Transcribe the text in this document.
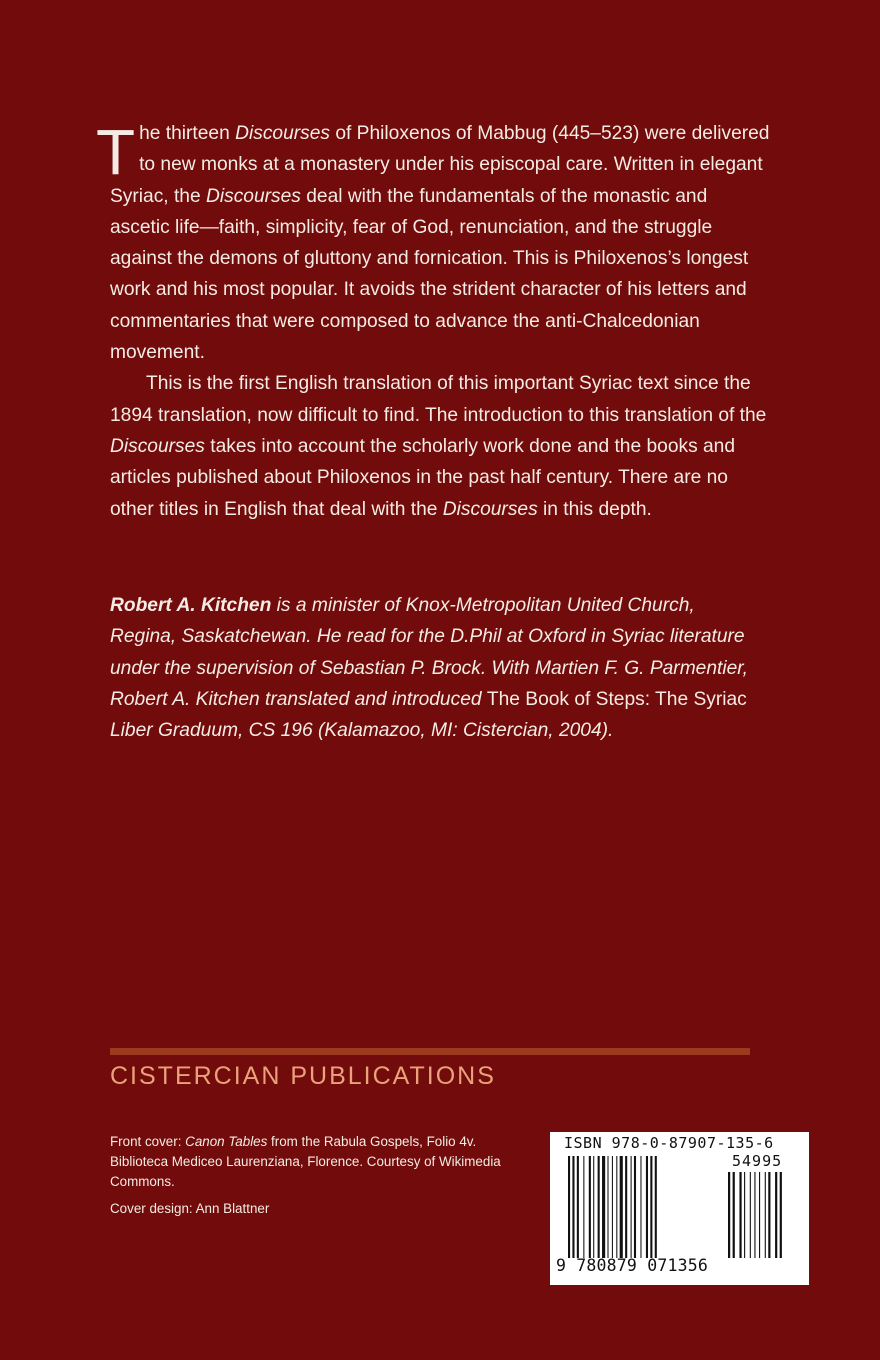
The thirteen Discourses of Philoxenos of Mabbug (445–523) were delivered to new monks at a monastery under his episcopal care. Written in elegant Syriac, the Discourses deal with the fundamentals of the monastic and ascetic life—faith, simplicity, fear of God, renunciation, and the struggle against the demons of gluttony and fornication. This is Philoxenos’s longest work and his most popular. It avoids the strident character of his letters and commentaries that were composed to advance the anti-Chalcedonian movement.

This is the first English translation of this important Syriac text since the 1894 translation, now difficult to find. The introduction to this translation of the Discourses takes into account the scholarly work done and the books and articles published about Philoxenos in the past half century. There are no other titles in English that deal with the Discourses in this depth.

Robert A. Kitchen is a minister of Knox-Metropolitan United Church, Regina, Saskatchewan. He read for the D.Phil at Oxford in Syriac literature under the supervision of Sebastian P. Brock. With Martien F. G. Parmentier, Robert A. Kitchen translated and introduced The Book of Steps: The Syriac Liber Graduum, CS 196 (Kalamazoo, MI: Cistercian, 2004).

CISTERCIAN PUBLICATIONS

Front cover: Canon Tables from the Rabula Gospels, Folio 4v. Biblioteca Mediceo Laurenziana, Florence. Courtesy of Wikimedia Commons.

Cover design: Ann Blattner

ISBN 978-0-87907-135-6
54995
9 780879 071356
